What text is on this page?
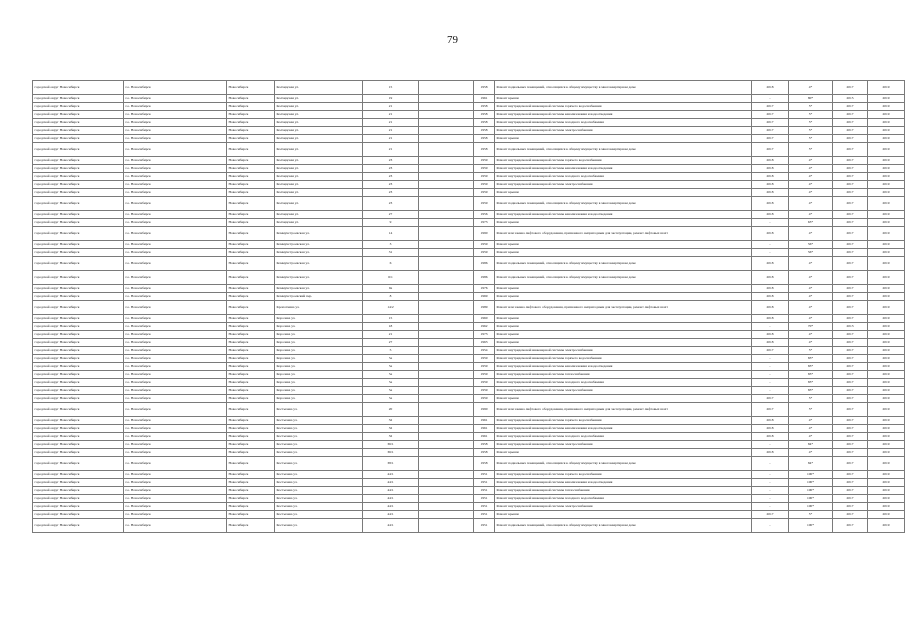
79
городской округ Новосибирск	г.о. Новосибирск	Новосибирск	Колхидская ул.	15		1958	Ремонт подвальных помещений, относящихся к общему имуществу в многоквартирном доме	2018	4*	2017	2019
городской округ Новосибирск	г.о. Новосибирск	Новосибирск	Колхидская ул.	19		1961	Ремонт крыши	-	80*	2015	2019
городской округ Новосибирск	г.о. Новосибирск	Новосибирск	Колхидская ул.	21		1958	Ремонт внутридомовой инженерной системы горячего водоснабжения	2017	5*	2017	2019
городской округ Новосибирск	г.о. Новосибирск	Новосибирск	Колхидская ул.	21		1958	Ремонт внутридомовой инженерной системы канализования и водоотведения	2017	5*	2017	2019
городской округ Новосибирск	г.о. Новосибирск	Новосибирск	Колхидская ул.	21		1958	Ремонт внутридомовой инженерной системы холодного водоснабжения	2017	5*	2017	2019
городской округ Новосибирск	г.о. Новосибирск	Новосибирск	Колхидская ул.	21		1958	Ремонт внутридомовой инженерной системы электроснабжения	2017	5*	2017	2019
городской округ Новосибирск	г.о. Новосибирск	Новосибирск	Колхидская ул.	21		1958	Ремонт крыши	2017	5*	2017	2019
городской округ Новосибирск	г.о. Новосибирск	Новосибирск	Колхидская ул.	21		1958	Ремонт подвальных помещений, относящихся к общему имуществу в многоквартирном доме	2017	5*	2017	2019
городской округ Новосибирск	г.о. Новосибирск	Новосибирск	Колхидская ул.	23		1959	Ремонт внутридомовой инженерной системы горячего водоснабжения	2018	4*	2017	2019
городской округ Новосибирск	г.о. Новосибирск	Новосибирск	Колхидская ул.	23		1959	Ремонт внутридомовой инженерной системы канализования и водоотведения	2018	4*	2017	2019
городской округ Новосибирск	г.о. Новосибирск	Новосибирск	Колхидская ул.	23		1959	Ремонт внутридомовой инженерной системы холодного водоснабжения	2018	4*	2017	2019
городской округ Новосибирск	г.о. Новосибирск	Новосибирск	Колхидская ул.	23		1959	Ремонт внутридомовой инженерной системы электроснабжения	2018	4*	2017	2019
городской округ Новосибирск	г.о. Новосибирск	Новосибирск	Колхидская ул.	23		1959	Ремонт крыши	2018	4*	2017	2019
городской округ Новосибирск	г.о. Новосибирск	Новосибирск	Колхидская ул.	23		1959	Ремонт подвальных помещений, относящихся к общему имуществу в многоквартирном доме	2018	4*	2017	2019
городской округ Новосибирск	г.о. Новосибирск	Новосибирск	Колхидская ул.	27		1956	Ремонт внутридомовой инженерной системы канализования и водоотведения	2018	4*	2017	2019
городской округ Новосибирск	г.о. Новосибирск	Новосибирск	Колхидская ул.	9		1973	Ремонт крыши	-	63*	2017	2019
городской округ Новосибирск	г.о. Новосибирск	Новосибирск	Коммунстроевская ул.	14		1990	Ремонт или замена лифтового оборудования, признанного непригодным для эксплуатации, ремонт лифтовых шахт	2018	4*	2017	2019
городской округ Новосибирск	г.о. Новосибирск	Новосибирск	Коммунстроевская ул.	3		1959	Ремонт крыши	-	56*	2017	2019
городской округ Новосибирск	г.о. Новосибирск	Новосибирск	Коммунстроевская ул.	31		1959	Ремонт крыши	-	56*	2017	2019
городской округ Новосибирск	г.о. Новосибирск	Новосибирск	Коммунстроевская ул.	6		1986	Ремонт подвальных помещений, относящихся к общему имуществу в многоквартирном доме	2018	4*	2017	2019
городской округ Новосибирск	г.о. Новосибирск	Новосибирск	Коммунстроевская ул.	6/1		1986	Ремонт подвальных помещений, относящихся к общему имуществу в многоквартирном доме	2018	4*	2017	2019
городской округ Новосибирск	г.о. Новосибирск	Новосибирск	Коммунстроевская ул.	9а		1976	Ремонт крыши	2018	4*	2017	2019
городской округ Новосибирск	г.о. Новосибирск	Новосибирск	Коммунстроевский пер.	8		1969	Ремонт крыши	2018	4*	2017	2019
городской округ Новосибирск	г.о. Новосибирск	Новосибирск	Кропоткина ул.	14/2		1989	Ремонт или замена лифтового оборудования, признанного непригодным для эксплуатации, ремонт лифтовых шахт	2018	4*	2017	2019
городской округ Новосибирск	г.о. Новосибирск	Новосибирск	Королева ул.	15		1960	Ремонт крыши	2018	4*	2017	2019
городской округ Новосибирск	г.о. Новосибирск	Новосибирск	Королева ул.	18		1962	Ремонт крыши	-	70*	2013	2019
городской округ Новосибирск	г.о. Новосибирск	Новосибирск	Королева ул.	21		1973	Ремонт крыши	2018	4*	2017	2019
городской округ Новосибирск	г.о. Новосибирск	Новосибирск	Королева ул.	27		1963	Ремонт крыши	2018	4*	2017	2019
городской округ Новосибирск	г.о. Новосибирск	Новосибирск	Королева ул.	5		1954	Ремонт внутридомовой инженерной системы электроснабжения	2017	5*	2017	2019
городской округ Новосибирск	г.о. Новосибирск	Новосибирск	Королева ул.	5а		1959	Ремонт внутридомовой инженерной системы горячего водоснабжения	-	83*	2017	2019
городской округ Новосибирск	г.о. Новосибирск	Новосибирск	Королева ул.	5а		1959	Ремонт внутридомовой инженерной системы канализования и водоотведения	-	83*	2017	2019
городской округ Новосибирск	г.о. Новосибирск	Новосибирск	Королева ул.	5а		1959	Ремонт внутридомовой инженерной системы теплоснабжения	-	83*	2017	2019
городской округ Новосибирск	г.о. Новосибирск	Новосибирск	Королева ул.	5а		1959	Ремонт внутридомовой инженерной системы холодного водоснабжения	-	83*	2017	2019
городской округ Новосибирск	г.о. Новосибирск	Новосибирск	Королева ул.	5а		1959	Ремонт внутридомовой инженерной системы электроснабжения	-	83*	2017	2019
городской округ Новосибирск	г.о. Новосибирск	Новосибирск	Королева ул.	5а		1959	Ремонт крыши	2017	5*	2017	2019
городской округ Новосибирск	г.о. Новосибирск	Новосибирск	Костычева ул.	20		1990	Ремонт или замена лифтового оборудования, признанного непригодным для эксплуатации, ремонт лифтовых шахт	2017	5*	2017	2019
городской округ Новосибирск	г.о. Новосибирск	Новосибирск	Костычева ул.	32		1961	Ремонт внутридомовой инженерной системы горячего водоснабжения	2018	4*	2017	2019
городской округ Новосибирск	г.о. Новосибирск	Новосибирск	Костычева ул.	32		1961	Ремонт внутридомовой инженерной системы канализования и водоотведения	2018	4*	2017	2019
городской округ Новосибирск	г.о. Новосибирск	Новосибирск	Костычева ул.	32		1961	Ремонт внутридомовой инженерной системы холодного водоснабжения	2018	4*	2017	2019
городской округ Новосибирск	г.о. Новосибирск	Новосибирск	Костычева ул.	36/1		1958	Ремонт внутридомовой инженерной системы электроснабжения	-	84*	2017	2019
городской округ Новосибирск	г.о. Новосибирск	Новосибирск	Костычева ул.	36/1		1958	Ремонт крыши	2018	4*	2017	2019
городской округ Новосибирск	г.о. Новосибирск	Новосибирск	Костычева ул.	38/1		1958	Ремонт подвальных помещений, относящихся к общему имуществу в многоквартирном доме	-	84*	2017	2019
городской округ Новосибирск	г.о. Новосибирск	Новосибирск	Костычева ул.	44/1		1951	Ремонт внутридомовой инженерной системы горячего водоснабжения	-	100*	2017	2019
городской округ Новосибирск	г.о. Новосибирск	Новосибирск	Костычева ул.	44/1		1951	Ремонт внутридомовой инженерной системы канализования и водоотведения	-	100*	2017	2019
городской округ Новосибирск	г.о. Новосибирск	Новосибирск	Костычева ул.	44/1		1951	Ремонт внутридомовой инженерной системы теплоснабжения	-	100*	2017	2019
городской округ Новосибирск	г.о. Новосибирск	Новосибирск	Костычева ул.	44/1		1951	Ремонт внутридомовой инженерной системы холодного водоснабжения	-	100*	2017	2019
городской округ Новосибирск	г.о. Новосибирск	Новосибирск	Костычева ул.	44/1		1951	Ремонт внутридомовой инженерной системы электроснабжения	-	100*	2017	2019
городской округ Новосибирск	г.о. Новосибирск	Новосибирск	Костычева ул.	44/1		1951	Ремонт крыши	2017	5*	2017	2019
городской округ Новосибирск	г.о. Новосибирск	Новосибирск	Костычева ул.	44/1		1951	Ремонт подвальных помещений, относящихся к общему имуществу в многоквартирном доме	-	100*	2017	2019
